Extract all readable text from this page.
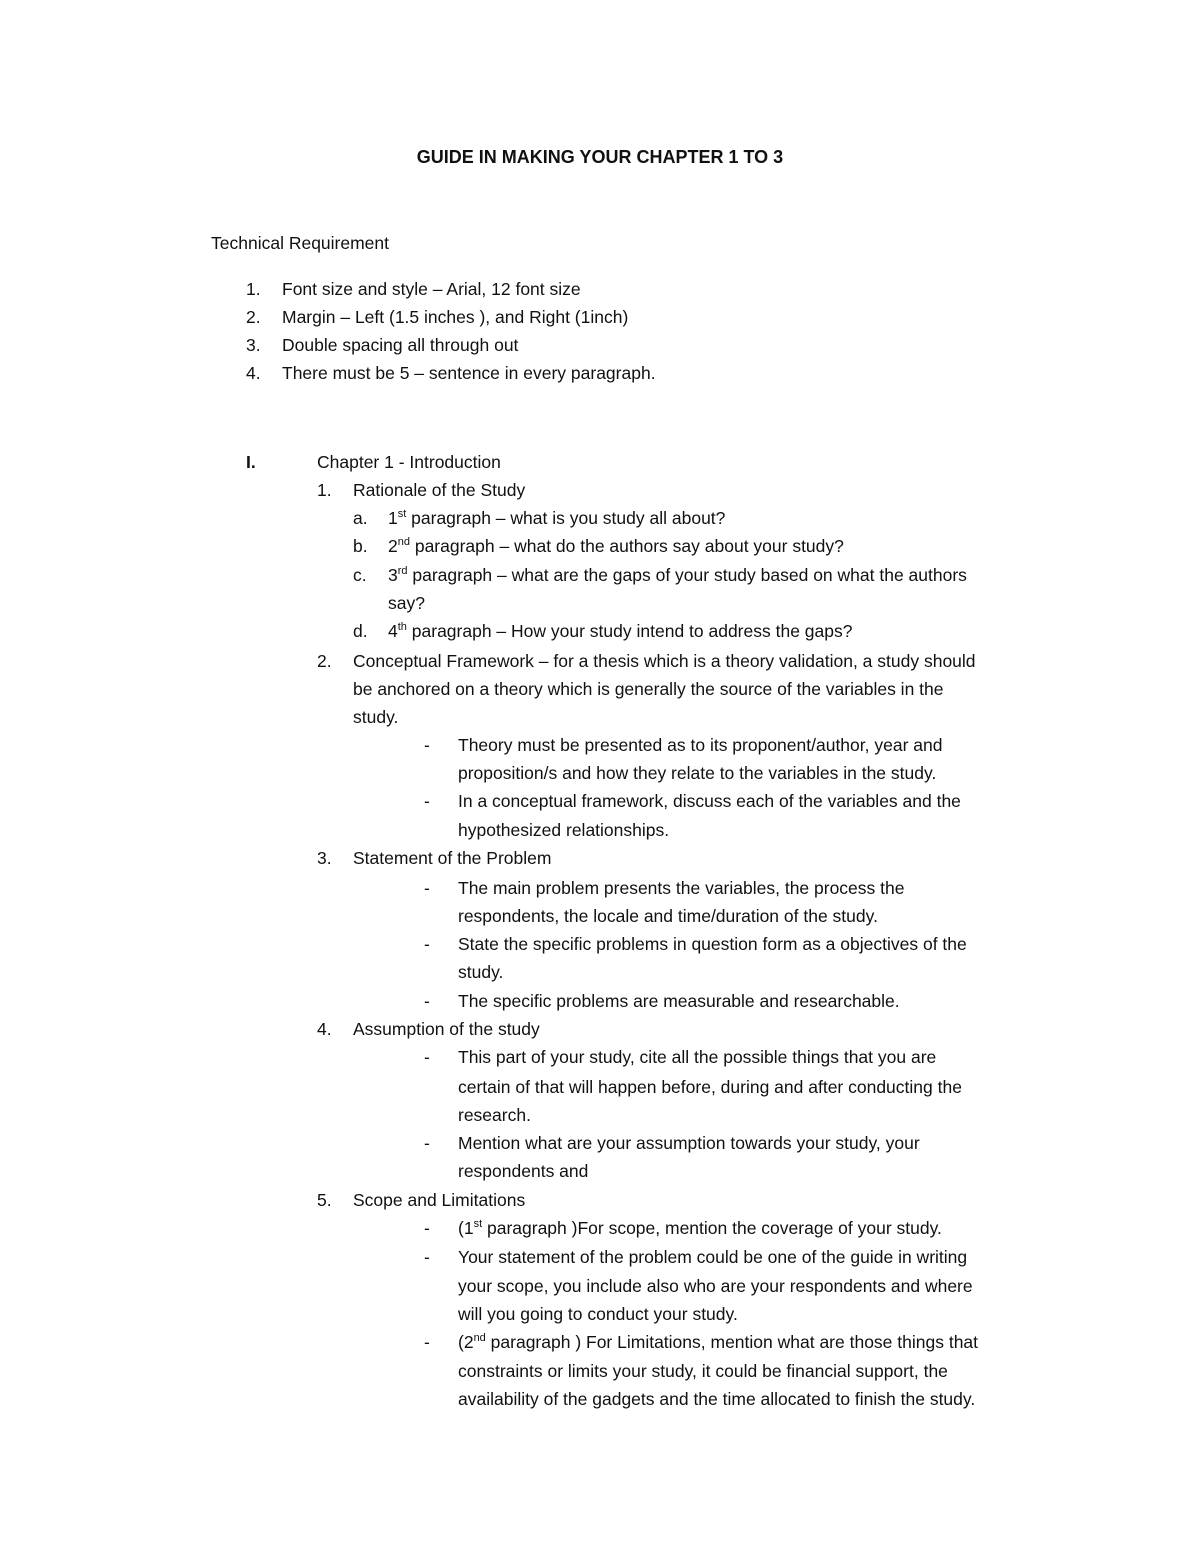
GUIDE IN MAKING YOUR CHAPTER 1 TO 3
Technical Requirement
1. Font size and style – Arial, 12 font size
2. Margin – Left (1.5 inches ), and Right (1inch)
3. Double spacing all through out
4. There must be 5 – sentence in every paragraph.
I.	Chapter 1 - Introduction
1. Rationale of the Study
a. 1st paragraph – what is you study all about?
b. 2nd paragraph – what do the authors say about your study?
c. 3rd paragraph – what are the gaps of your study based on what the authors
say?
d. 4th paragraph – How your study intend to address the gaps?
2. Conceptual Framework – for a thesis which is a theory validation, a study should
be anchored on a theory which is generally the source of the variables in the
study.
- Theory must be presented as to its proponent/author, year and
proposition/s and how they relate to the variables in the study.
- In a conceptual framework, discuss each of the variables and the
hypothesized relationships.
3. Statement of the Problem
- The main problem presents the variables, the process the
respondents, the locale and time/duration of the study.
- State the specific problems in question form as a objectives of the
study.
- The specific problems are measurable and researchable.
4. Assumption of the study
- This part of your study, cite all the possible things that you are
certain of that will happen before, during and after conducting the
research.
- Mention what are your assumption towards your study, your
respondents and
5. Scope and Limitations
- (1st paragraph )For scope, mention the coverage of your study.
- Your statement of the problem could be one of the guide in writing
your scope, you include also who are your respondents and where
will you going to conduct your study.
- (2nd paragraph ) For Limitations, mention what are those things that
constraints or limits your study, it could be financial support, the
availability of the gadgets and the time allocated to finish the study.
